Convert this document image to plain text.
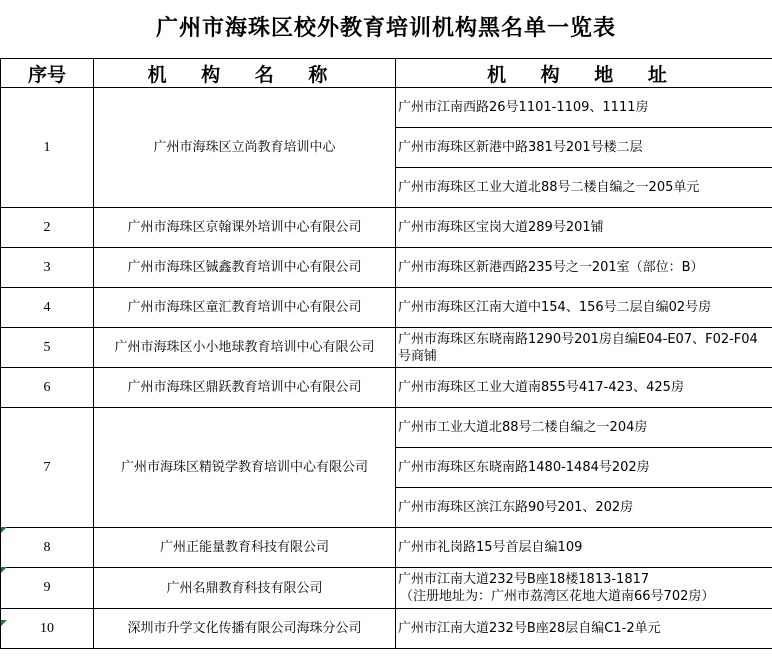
广州市海珠区校外教育培训机构黑名单一览表
序号	机 构 名 称	机 构 地 址
1	广州市海珠区立尚教育培训中心	广州市江南西路26号1101-1109、1111房
		广州市海珠区新港中路381号201号楼二层
		广州市海珠区工业大道北88号二楼自编之一205单元
2	广州市海珠区京翰课外培训中心有限公司	广州市海珠区宝岗大道289号201铺
3	广州市海珠区铖鑫教育培训中心有限公司	广州市海珠区新港西路235号之一201室（部位：B）
4	广州市海珠区童汇教育培训中心有限公司	广州市海珠区江南大道中154、156号二层自编02号房
5	广州市海珠区小小地球教育培训中心有限公司	广州市海珠区东晓南路1290号201房自编E04-E07、F02-F04号商铺
6	广州市海珠区鼎跃教育培训中心有限公司	广州市海珠区工业大道南855号417-423、425房
7	广州市海珠区精锐学教育培训中心有限公司	广州市工业大道北88号二楼自编之一204房
		广州市海珠区东晓南路1480-1484号202房
		广州市海珠区滨江东路90号201、202房
8	广州正能量教育科技有限公司	广州市礼岗路15号首层自编109
9	广州名鼎教育科技有限公司	广州市江南大道232号B座18楼1813-1817
（注册地址为：广州市荔湾区花地大道南66号702房）

10	深圳市升学文化传播有限公司海珠分公司	广州市江南大道232号B座28层自编C1-2单元
